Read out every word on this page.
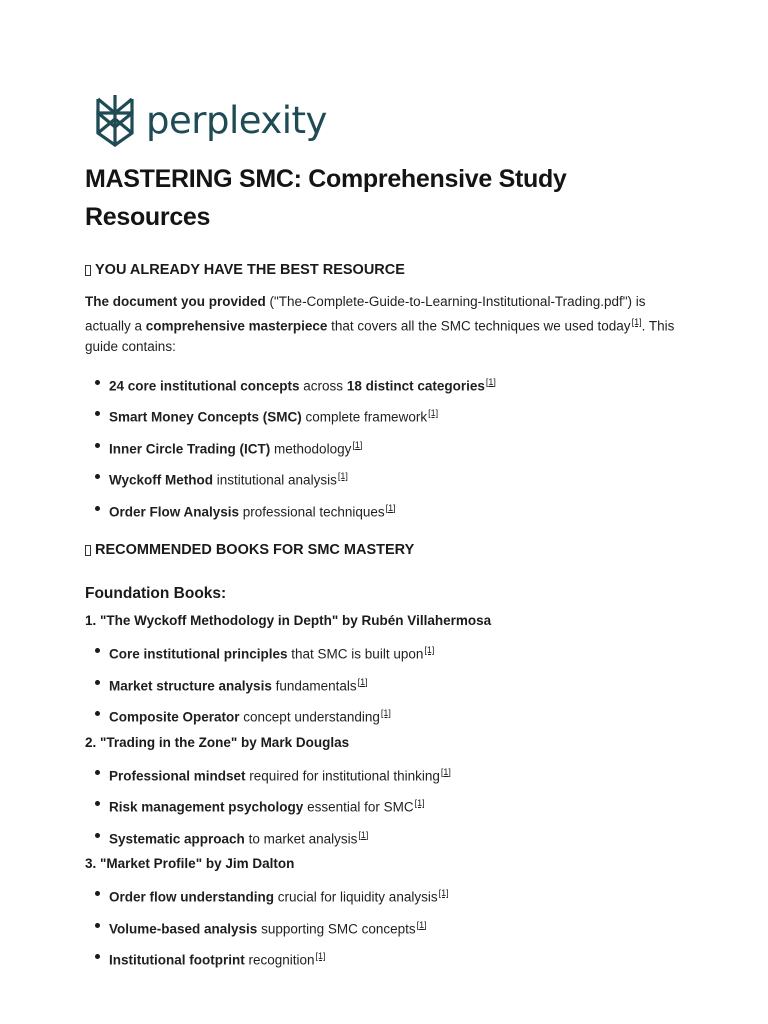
perplexity
MASTERING SMC: Comprehensive Study Resources
YOU ALREADY HAVE THE BEST RESOURCE

The document you provided ("The-Complete-Guide-to-Learning-Institutional-Trading.pdf") is actually a comprehensive masterpiece that covers all the SMC techniques we used today[1]. This guide contains:

24 core institutional concepts across 18 distinct categories[1]
Smart Money Concepts (SMC) complete framework[1]
Inner Circle Trading (ICT) methodology[1]
Wyckoff Method institutional analysis[1]
Order Flow Analysis professional techniques[1]
RECOMMENDED BOOKS FOR SMC MASTERY
Foundation Books:
1. "The Wyckoff Methodology in Depth" by Rubén Villahermosa
Core institutional principles that SMC is built upon[1]
Market structure analysis fundamentals[1]
Composite Operator concept understanding[1]
2. "Trading in the Zone" by Mark Douglas
Professional mindset required for institutional thinking[1]
Risk management psychology essential for SMC[1]
Systematic approach to market analysis[1]
3. "Market Profile" by Jim Dalton
Order flow understanding crucial for liquidity analysis[1]
Volume-based analysis supporting SMC concepts[1]
Institutional footprint recognition[1]
